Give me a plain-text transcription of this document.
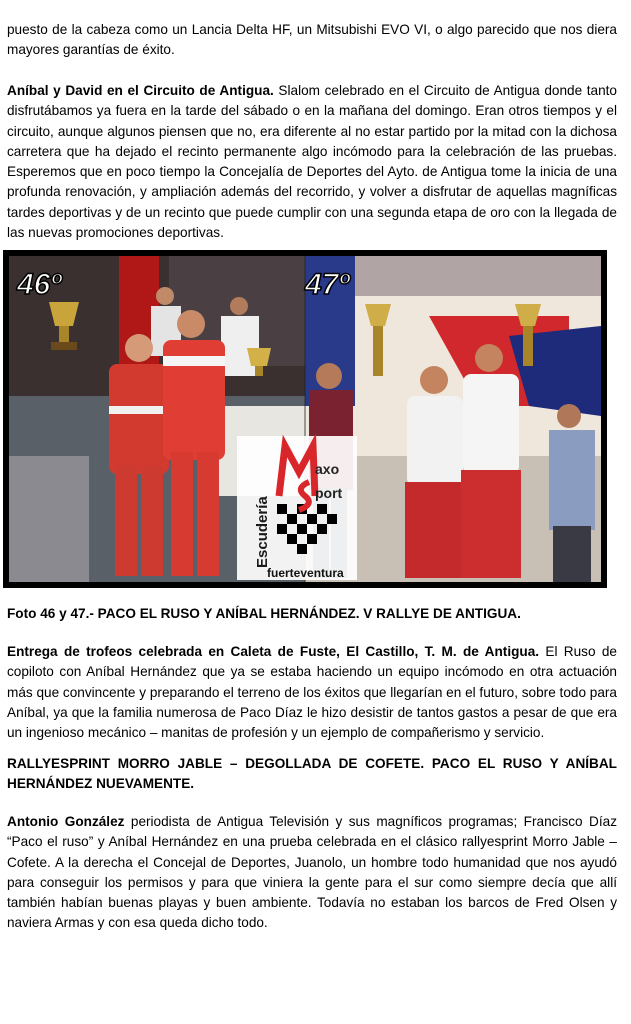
puesto de la cabeza como un Lancia Delta HF, un Mitsubishi EVO VI, o algo parecido que nos diera mayores garantías de éxito.

Aníbal y David en el Circuito de Antigua. Slalom celebrado en el Circuito de Antigua donde tanto disfrutábamos ya fuera en la tarde del sábado o en la mañana del domingo. Eran otros tiempos y el circuito, aunque algunos piensen que no, era diferente al no estar partido por la mitad con la dichosa carretera que ha dejado el recinto permanente algo incómodo para la celebración de las pruebas. Esperemos que en poco tiempo la Concejalía de Deportes del Ayto. de Antigua tome la inicia de una profunda renovación, y ampliación además del recorrido, y volver a disfrutar de aquellas magníficas tardes deportivas y de un recinto que puede cumplir con una segunda etapa de oro con la llegada de las nuevas promociones deportivas.

Foto 46 y 47.- PACO EL RUSO Y ANÍBAL HERNÁNDEZ. V RALLYE DE ANTIGUA.

Entrega de trofeos celebrada en Caleta de Fuste, El Castillo, T. M. de Antigua. El Ruso de copiloto con Aníbal Hernández que ya se estaba haciendo un equipo incómodo en otra actuación más que convincente y preparando el terreno de los éxitos que llegarían en el futuro, sobre todo para Aníbal, ya que la familia numerosa de Paco Díaz le hizo desistir de tantos gastos a pesar de que era un ingenioso mecánico – manitas de profesión y un ejemplo de compañerismo y servicio.

RALLYESPRINT MORRO JABLE – DEGOLLADA DE COFETE. PACO EL RUSO Y ANÍBAL HERNÁNDEZ NUEVAMENTE.

Antonio González periodista de Antigua Televisión y sus magníficos programas; Francisco Díaz “Paco el ruso” y Aníbal Hernández en una prueba celebrada en el clásico rallyesprint Morro Jable – Cofete. A la derecha el Concejal de Deportes, Juanolo, un hombre todo humanidad que nos ayudó para conseguir los permisos y para que viniera la gente para el sur como siempre decía que allí también habían buenas playas y buen ambiente. Todavía no estaban los barcos de Fred Olsen y naviera Armas y con esa queda dicho todo.

Escudería
axo
port
fuerteventura
46º	47º
